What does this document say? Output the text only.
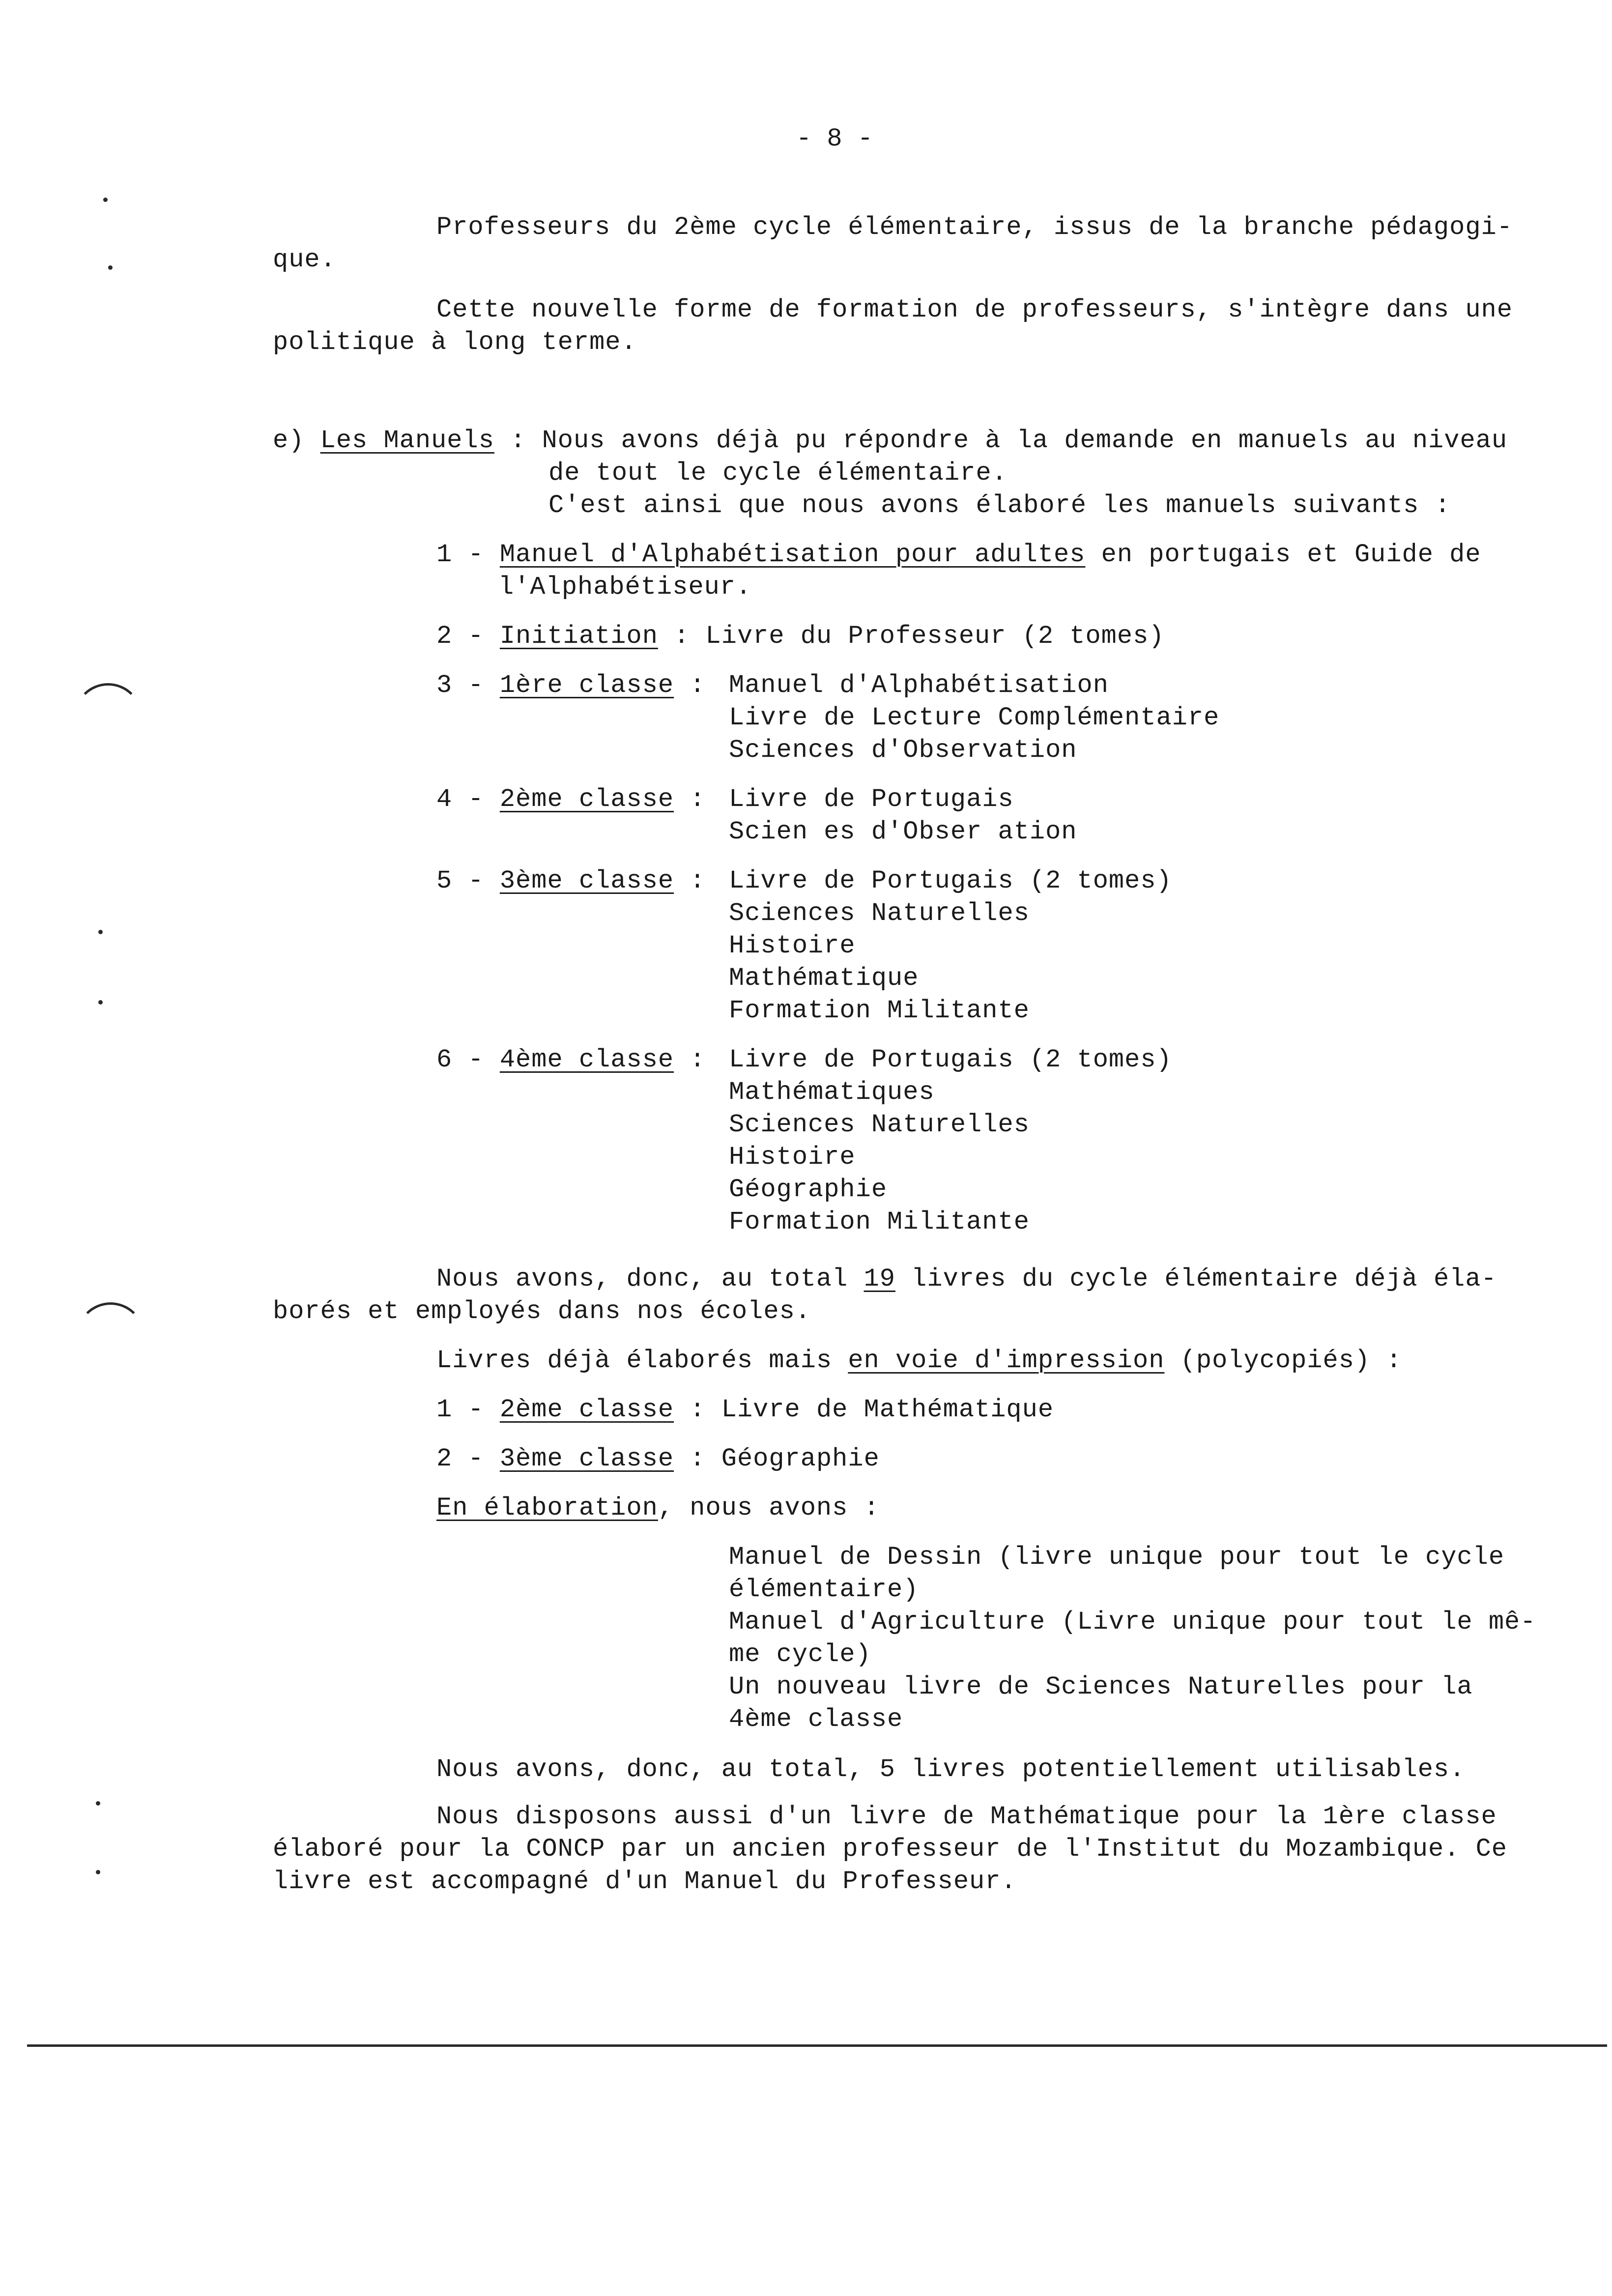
- 8 -
Professeurs du 2ème cycle élémentaire, issus de la branche pédagogi-
que.
Cette nouvelle forme de formation de professeurs, s'intègre dans une
politique à long terme.
e) Les Manuels : Nous avons déjà pu répondre à la demande en manuels au niveau
de tout le cycle élémentaire.
C'est ainsi que nous avons élaboré les manuels suivants :
1 - Manuel d'Alphabétisation pour adultes en portugais et Guide de
l'Alphabétiseur.
2 - Initiation : Livre du Professeur (2 tomes)
3 - 1ère classe : Manuel d'Alphabétisation
Livre de Lecture Complémentaire
Sciences d'Observation
4 - 2ème classe : Livre de Portugais
Scien es d'Obser ation
5 - 3ème classe : Livre de Portugais (2 tomes)
Sciences Naturelles
Histoire
Mathématique
Formation Militante
6 - 4ème classe : Livre de Portugais (2 tomes)
Mathématiques
Sciences Naturelles
Histoire
Géographie
Formation Militante
Nous avons, donc, au total 19 livres du cycle élémentaire déjà éla-
borés et employés dans nos écoles.
Livres déjà élaborés mais en voie d'impression (polycopiés) :
1 - 2ème classe : Livre de Mathématique
2 - 3ème classe : Géographie
En élaboration, nous avons :
Manuel de Dessin (livre unique pour tout le cycle
élémentaire)
Manuel d'Agriculture (Livre unique pour tout le mê-
me cycle)
Un nouveau livre de Sciences Naturelles pour la
4ème classe
Nous avons, donc, au total, 5 livres potentiellement utilisables.
Nous disposons aussi d'un livre de Mathématique pour la 1ère classe
élaboré pour la CONCP par un ancien professeur de l'Institut du Mozambique. Ce
livre est accompagné d'un Manuel du Professeur.
